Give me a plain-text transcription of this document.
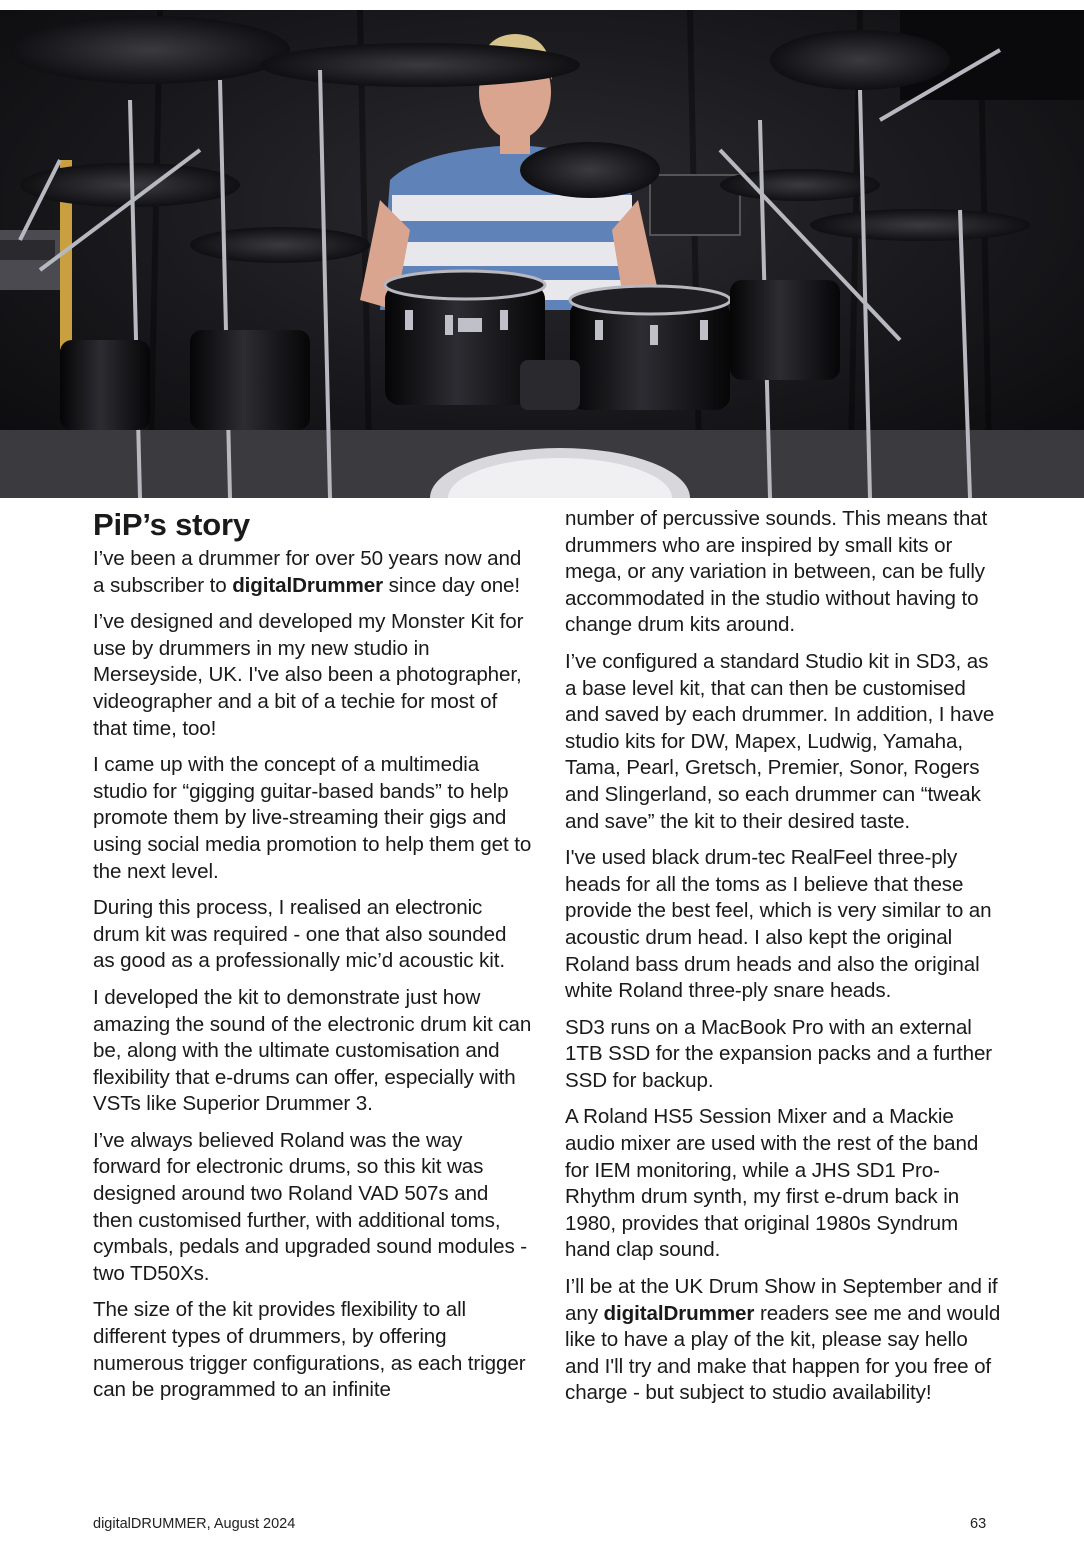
PiP’s story

I’ve been a drummer for over 50 years now and a subscriber to digitalDrummer since day one!

I’ve designed and developed my Monster Kit for use by drummers in my new studio in Merseyside, UK. I've also been a photographer, videographer and a bit of a techie for most of that time, too!

I came up with the concept of a multimedia studio for “gigging guitar-based bands” to help promote them by live-streaming their gigs and using social media promotion to help them get to the next level.

During this process, I realised an electronic drum kit was required - one that also sounded as good as a professionally mic’d acoustic kit.

I developed the kit to demonstrate just how amazing the sound of the electronic drum kit can be, along with the ultimate customisation and flexibility that e-drums can offer, especially with VSTs like Superior Drummer 3.

I’ve always believed Roland was the way forward for electronic drums, so this kit was designed around two Roland VAD 507s and then customised further, with additional toms, cymbals, pedals and upgraded sound modules - two TD50Xs.

The size of the kit provides flexibility to all different types of drummers, by offering numerous trigger configurations, as each trigger can be programmed to an infinite

number of percussive sounds. This means that drummers who are inspired by small kits or mega, or any variation in between, can be fully accommodated in the studio without having to change drum kits around.

I’ve configured a standard Studio kit in SD3, as a base level kit, that can then be customised and saved by each drummer. In addition, I have studio kits for DW, Mapex, Ludwig, Yamaha, Tama, Pearl, Gretsch, Premier, Sonor, Rogers and Slingerland, so each drummer can “tweak and save” the kit to their desired taste.

I've used black drum-tec RealFeel three-ply heads for all the toms as I believe that these provide the best feel, which is very similar to an acoustic drum head. I also kept the original Roland bass drum heads and also the original white Roland three-ply snare heads.

SD3 runs on a MacBook Pro with an external 1TB SSD for the expansion packs and a further SSD for backup.

A Roland HS5 Session Mixer and a Mackie audio mixer are used with the rest of the band for IEM monitoring, while a JHS SD1 Pro-Rhythm drum synth, my first e-drum back in 1980, provides that original 1980s Syndrum hand clap sound.

I’ll be at the UK Drum Show in September and if any digitalDrummer readers see me and would like to have a play of the kit, please say hello and I'll try and make that happen for you free of charge - but subject to studio availability!

digitalDRUMMER, August 2024	63
